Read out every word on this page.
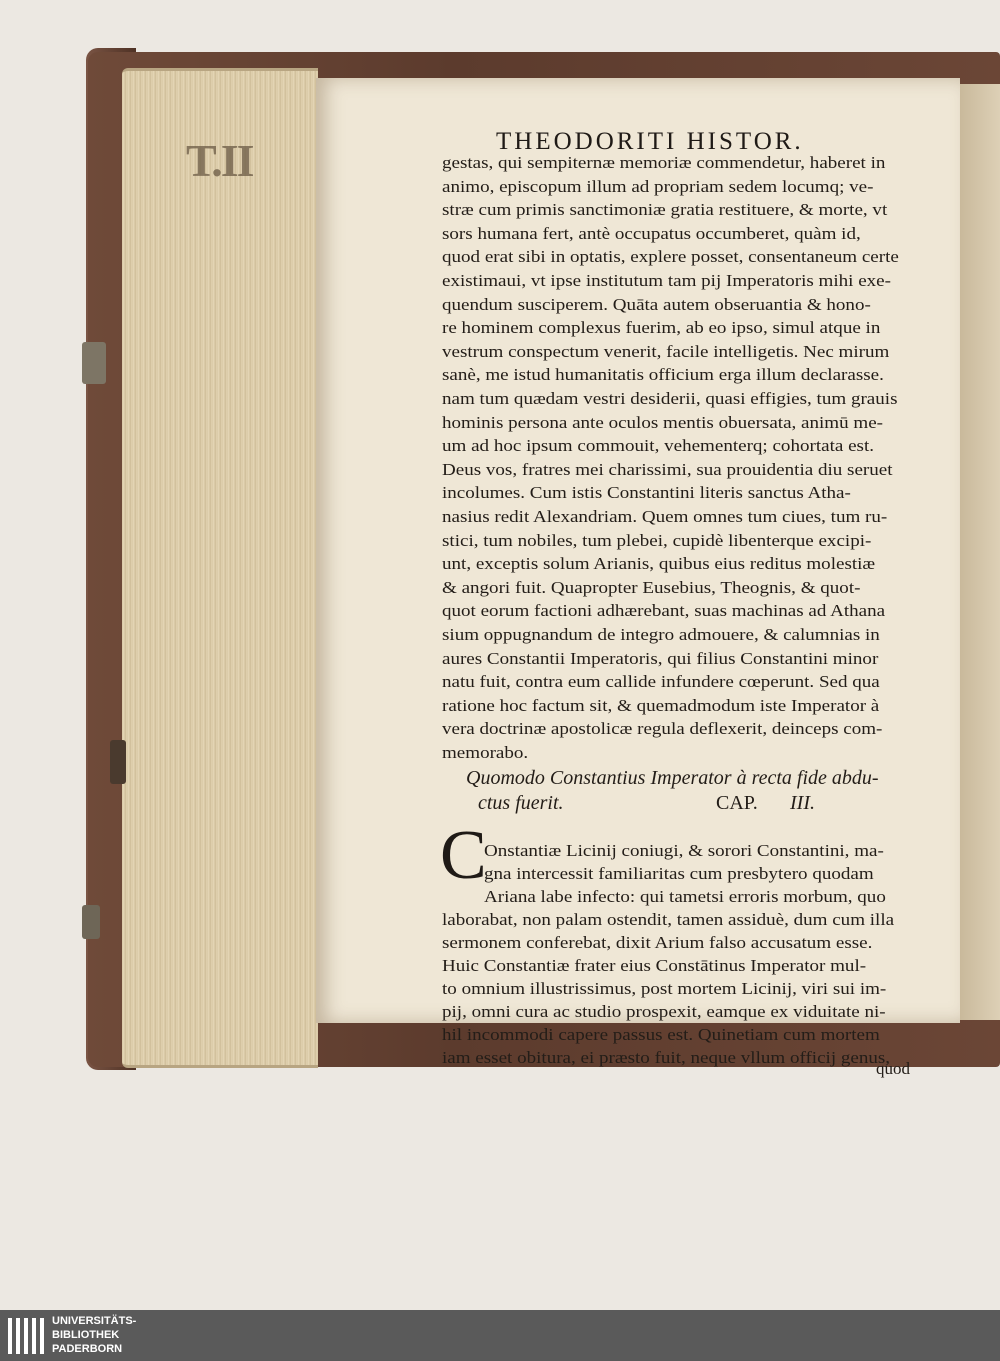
T.II	THEODORITI HISTOR.
gestas, qui sempiternæ memoriæ commendetur, haberet in
animo, episcopum illum ad propriam sedem locumq; ve-
stræ cum primis sanctimoniæ gratia restituere, & morte, vt
sors humana fert, antè occupatus occumberet, quàm id,
quod erat sibi in optatis, explere posset, consentaneum certe
existimaui, vt ipse institutum tam pij Imperatoris mihi exe-
quendum susciperem. Quāta autem obseruantia & hono-
re hominem complexus fuerim, ab eo ipso, simul atque in
vestrum conspectum venerit, facile intelligetis. Nec mirum
sanè, me istud humanitatis officium erga illum declarasse.
nam tum quædam vestri desiderii, quasi effigies, tum grauis
hominis persona ante oculos mentis obuersata, animū me-
um ad hoc ipsum commouit, vehementerq; cohortata est.
Deus vos, fratres mei charissimi, sua prouidentia diu seruet
incolumes. Cum istis Constantini literis sanctus Atha-
nasius redit Alexandriam. Quem omnes tum ciues, tum ru-
stici, tum nobiles, tum plebei, cupidè libenterque excipi-
unt, exceptis solum Arianis, quibus eius reditus molestiæ
& angori fuit. Quapropter Eusebius, Theognis, & quot-
quot eorum factioni adhærebant, suas machinas ad Athana
sium oppugnandum de integro admouere, & calumnias in
aures Constantii Imperatoris, qui filius Constantini minor
natu fuit, contra eum callide infundere cœperunt. Sed qua
ratione hoc factum sit, & quemadmodum iste Imperator à
vera doctrinæ apostolicæ regula deflexerit, deinceps com-
memorabo.
Quomodo Constantius Imperator à recta fide abdu-
ctus fuerit.	CAP. III.
C
Onstantiæ Licinij coniugi, & sorori Constantini, ma-
gna intercessit familiaritas cum presbytero quodam
Ariana labe infecto: qui tametsi erroris morbum, quo
laborabat, non palam ostendit, tamen assiduè, dum cum illa
sermonem conferebat, dixit Arium falso accusatum esse.
Huic Constantiæ frater eius Constātinus Imperator mul-
to omnium illustrissimus, post mortem Licinij, viri sui im-
pij, omni cura ac studio prospexit, eamque ex viduitate ni-
hil incommodi capere passus est. Quinetiam cum mortem
iam esset obitura, ei præsto fuit, neque vllum officij genus,
quod
UNIVERSITÄTS-
BIBLIOTHEK
PADERBORN
